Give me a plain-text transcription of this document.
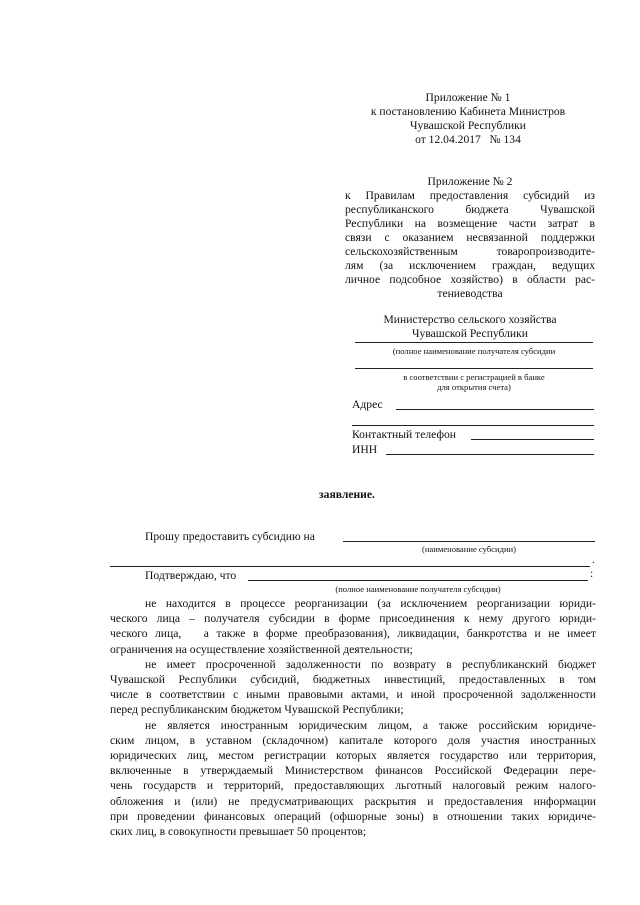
Приложение № 1
к постановлению Кабинета Министров
Чувашской Республики
от 12.04.2017   № 134
Приложение № 2
к  Правилам  предоставления  субсидий  из
республиканского     бюджета     Чувашской
Республики на возмещение части затрат в
связи с оказанием несвязанной поддержки
сельскохозяйственным   товаропроизводите-
лям  (за  исключением  граждан,  ведущих
личное подсобное хозяйство) в области рас-
тениеводства
Министерство сельского хозяйства
Чувашской Республики
(полное наименование получателя субсидии
в соответствии с регистрацией в банке
для открытия счета)
Адрес
Контактный телефон
ИНН
заявление.
Прошу предоставить субсидию на
(наименование субсидии)
.
Подтверждаю, что	:
(полное наименование получателя субсидии)
не находится в процессе реорганизации (за исключением реорганизации юриди-
ческого лица – получателя субсидии в форме присоединения к нему другого юриди-
ческого лица,   а также в форме преобразования), ликвидации, банкротства и не имеет
ограничения на осуществление хозяйственной деятельности;
не имеет просроченной задолженности по возврату в республиканский бюджет
Чувашской Республики субсидий, бюджетных инвестиций, предоставленных в том
числе в соответствии с иными правовыми актами, и иной просроченной задолженности
перед республиканским бюджетом Чувашской Республики;
не является иностранным юридическим лицом, а также российским юридиче-
ским лицом, в уставном (складочном) капитале которого доля участия иностранных
юридических лиц, местом регистрации которых является государство или территория,
включенные в утверждаемый Министерством финансов Российской Федерации пере-
чень государств и территорий, предоставляющих льготный налоговый режим налого-
обложения и (или) не предусматривающих раскрытия и предоставления информации
при проведении финансовых операций (офшорные зоны) в отношении таких юридиче-
ских лиц, в совокупности превышает 50 процентов;
